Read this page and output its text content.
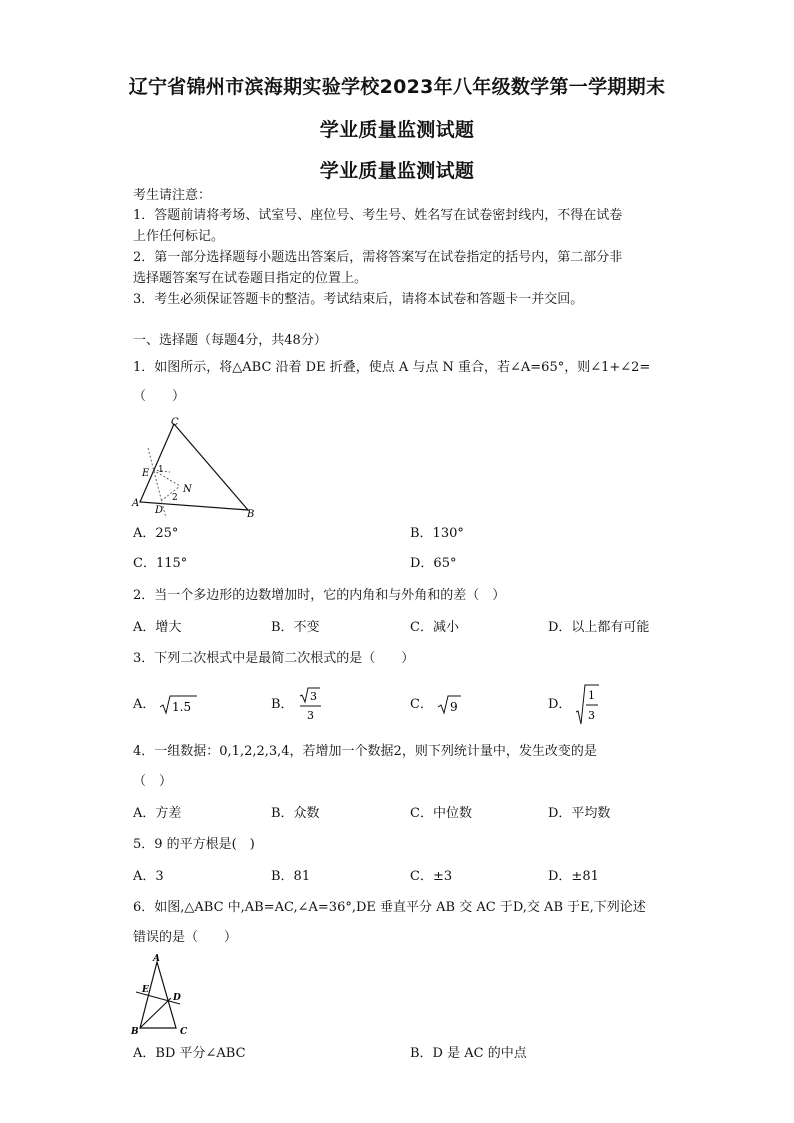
辽宁省锦州市滨海期实验学校2023年八年级数学第一学期期末
学业质量监测试题
学业质量监测试题
考生请注意：
1．答题前请将考场、试室号、座位号、考生号、姓名写在试卷密封线内，不得在试卷
上作任何标记。
2．第一部分选择题每小题选出答案后，需将答案写在试卷指定的括号内，第二部分非
选择题答案写在试卷题目指定的位置上。
3．考生必须保证答题卡的整洁。考试结束后，请将本试卷和答题卡一并交回。
一、选择题（每题4分，共48分）
1．如图所示，将△ABC 沿着 DE 折叠，使点 A 与点 N 重合，若∠A=65°，则∠1+∠2=
（　　）
C
E 1
N
2
A
D	B
A．25°	B．130°
C．115°	D．65°
2．当一个多边形的边数增加时，它的内角和与外角和的差（　）
A．增大	B．不变	C．减小	D．以上都有可能
3．下列二次根式中是最简二次根式的是（　　）
A． 1.5	B．
3
3
C． 9	D．
1
3
4．一组数据：0,1,2,2,3,4，若增加一个数据2，则下列统计量中，发生改变的是
（　）
A．方差	B．众数	C．中位数	D．平均数
5．9 的平方根是(　)
A．3	B．81	C．±3	D．±81
6．如图,△ABC 中,AB=AC,∠A=36°,DE 垂直平分 AB 交 AC 于D,交 AB 于E,下列论述
错误的是（　　）
A
E
D
B	C
A．BD 平分∠ABC	B．D 是 AC 的中点
